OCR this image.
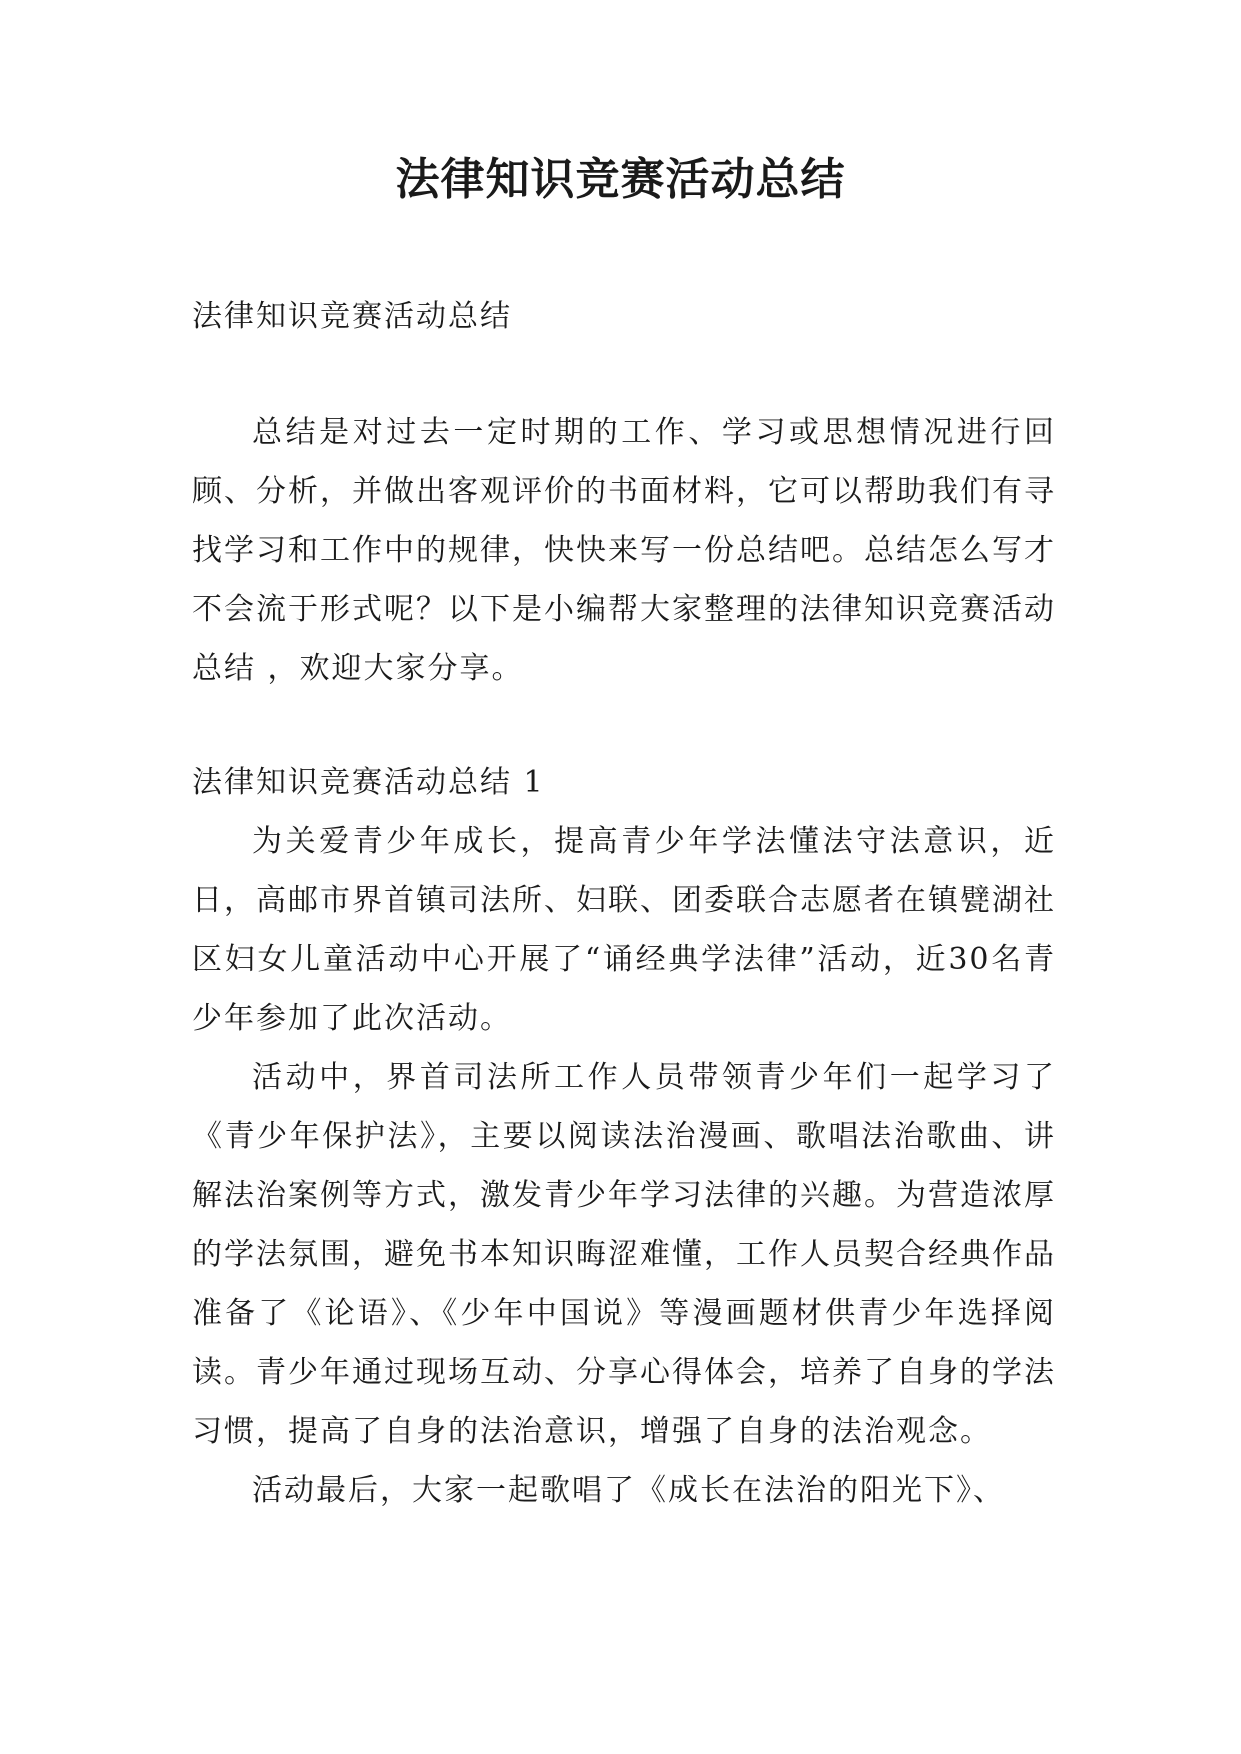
法律知识竞赛活动总结

法律知识竞赛活动总结

总结是对过去一定时期的工作、学习或思想情况进行回顾、分析，并做出客观评价的书面材料，它可以帮助我们有寻找学习和工作中的规律，快快来写一份总结吧。总结怎么写才不会流于形式呢？以下是小编帮大家整理的法律知识竞赛活动总结 ，欢迎大家分享。

法律知识竞赛活动总结 1

为关爱青少年成长，提高青少年学法懂法守法意识，近日，高邮市界首镇司法所、妇联、团委联合志愿者在镇甓湖社区妇女儿童活动中心开展了“诵经典学法律”活动，近30名青少年参加了此次活动。

活动中，界首司法所工作人员带领青少年们一起学习了《青少年保护法》，主要以阅读法治漫画、歌唱法治歌曲、讲解法治案例等方式，激发青少年学习法律的兴趣。为营造浓厚的学法氛围，避免书本知识晦涩难懂，工作人员契合经典作品准备了《论语》、《少年中国说》等漫画题材供青少年选择阅读。青少年通过现场互动、分享心得体会，培养了自身的学法习惯，提高了自身的法治意识，增强了自身的法治观念。

活动最后，大家一起歌唱了《成长在法治的阳光下》、
